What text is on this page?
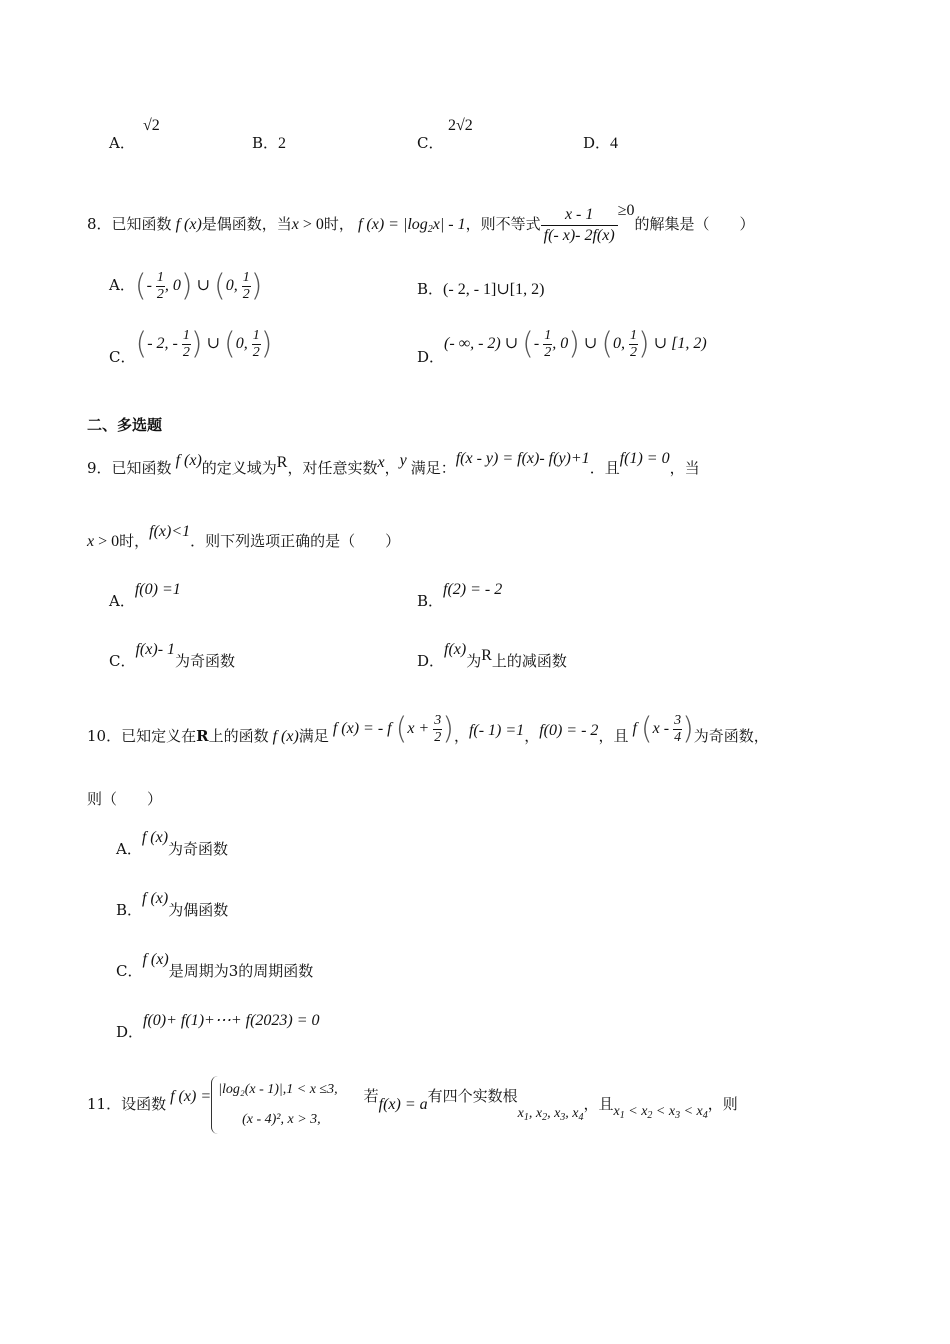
A．
√2
B．2	C．
2√2
D．4
8．已知函数 f (x)是偶函数，当x > 0时， f $(x) = |\log_2x| - 1$，则不等式 $\frac{x - 1}{f(- x)- 2f(x)} \ge 0$的解集是（　　）
A．(- $\frac{1}{2}$ , 0) ∪ (0, $\frac{1}{2}$ )	B．(- 2, - 1]∪[1, 2)
C．(- 2, - $\frac{1}{2}$ ) ∪ (0, $\frac{1}{2}$ )	D．(- ∞, - 2) ∪ (- $\frac{1}{2}$ , 0) ∪ (0, $\frac{1}{2}$ ) ∪ [1, 2)
二、多选题
9．已知函数 f (x)的定义域为R，对任意实数x，y 满足：f(x - y) = f(x)- f(y)+1．且f(1) = 0，当
x > 0时，f(x)<1．则下列选项正确的是（　　）
A．f(0) =1
B．f(2) = - 2
C．f(x)- 1为奇函数	D．f(x)为R上的减函数
10．已知定义在R上的函数 f (x)满足 f (x) = - f ($x + \frac{3}{2}$ )，f(- 1) =1，f(0) = - 2，且 f ($x - \frac{3}{4}$ )为奇函数，
则（　　）
A．f (x)为奇函数
B．f (x)为偶函数
C．f (x)是周期为3的周期函数
D．f(0)+ f(1)+⋯+ f(2023) = 0
11．设函数 f (x) = |log₂(x - 1)|,1 < x ≤3,
(x - 4)², x > 3,
若f(x) = a有四个实数根$x_1$, $x_2$, $x_3$, $x_4$，且$x_1 < x_2 < x_3 < x_4$，则
